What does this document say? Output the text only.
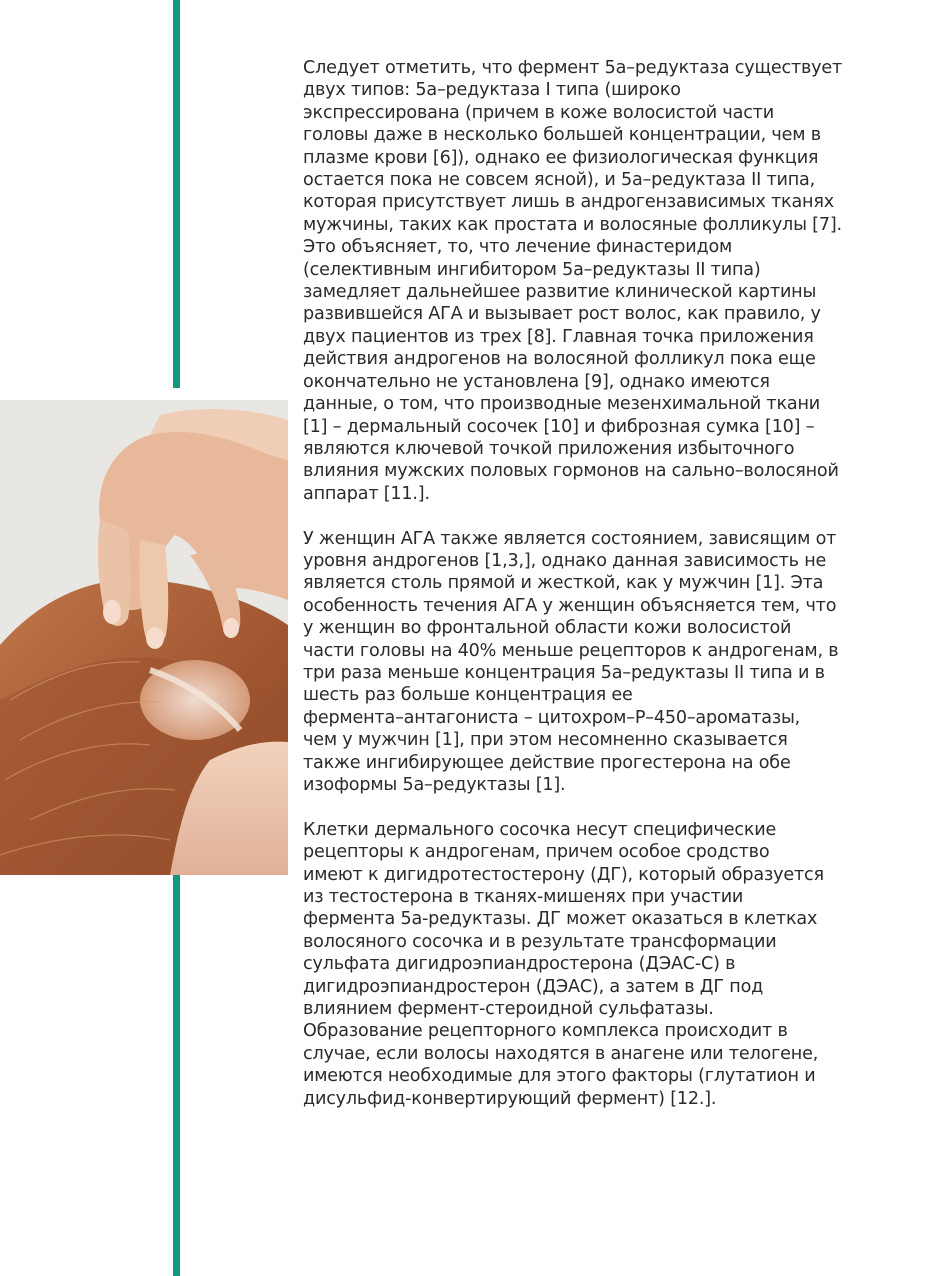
Следует отметить, что фермент 5а–редуктаза существует
двух типов: 5а–редуктаза I типа (широко
экспрессирована (причем в коже волосистой части
головы даже в несколько большей концентрации, чем в
плазме крови [6]), однако ее физиологическая функция
остается пока не совсем ясной), и 5а–редуктаза II типа,
которая присутствует лишь в андрогензависимых тканях
мужчины, таких как простата и волосяные фолликулы [7].
Это объясняет, то, что лечение финастеридом
(селективным ингибитором 5а–редуктазы II типа)
замедляет дальнейшее развитие клинической картины
развившейся АГА и вызывает рост волос, как правило, у
двух пациентов из трех [8]. Главная точка приложения
действия андрогенов на волосяной фолликул пока еще
окончательно не установлена [9], однако имеются
данные, о том, что производные мезенхимальной ткани
[1] – дермальный сосочек [10] и фиброзная сумка [10] –
являются ключевой точкой приложения избыточного
влияния мужских половых гормонов на сально–волосяной
аппарат [11.].

У женщин АГА также является состоянием, зависящим от
уровня андрогенов [1,3,], однако данная зависимость не
является столь прямой и жесткой, как у мужчин [1]. Эта
особенность течения АГА у женщин объясняется тем, что
у женщин во фронтальной области кожи волосистой
части головы на 40% меньше рецепторов к андрогенам, в
три раза меньше концентрация 5а–редуктазы II типа и в
шесть раз больше концентрация ее
фермента–антагониста – цитохром–Р–450–ароматазы,
чем у мужчин [1], при этом несомненно сказывается
также ингибирующее действие прогестерона на обе
изоформы 5а–редуктазы [1].

Клетки дермального сосочка несут специфические
рецепторы к андрогенам, причем особое сродство
имеют к дигидротестостерону (ДГ), который образуется
из тестостерона в тканях-мишенях при участии
фермента 5а-редуктазы. ДГ может оказаться в клетках
волосяного сосочка и в результате трансформации
сульфата дигидроэпиандростерона (ДЭАС-С) в
дигидроэпиандростерон (ДЭАС), а затем в ДГ под
влиянием фермент-стероидной сульфатазы.
Образование рецепторного комплекса происходит в
случае, если волосы находятся в анагене или телогене,
имеются необходимые для этого факторы (глутатион и
дисульфид-конвертирующий фермент) [12.].
